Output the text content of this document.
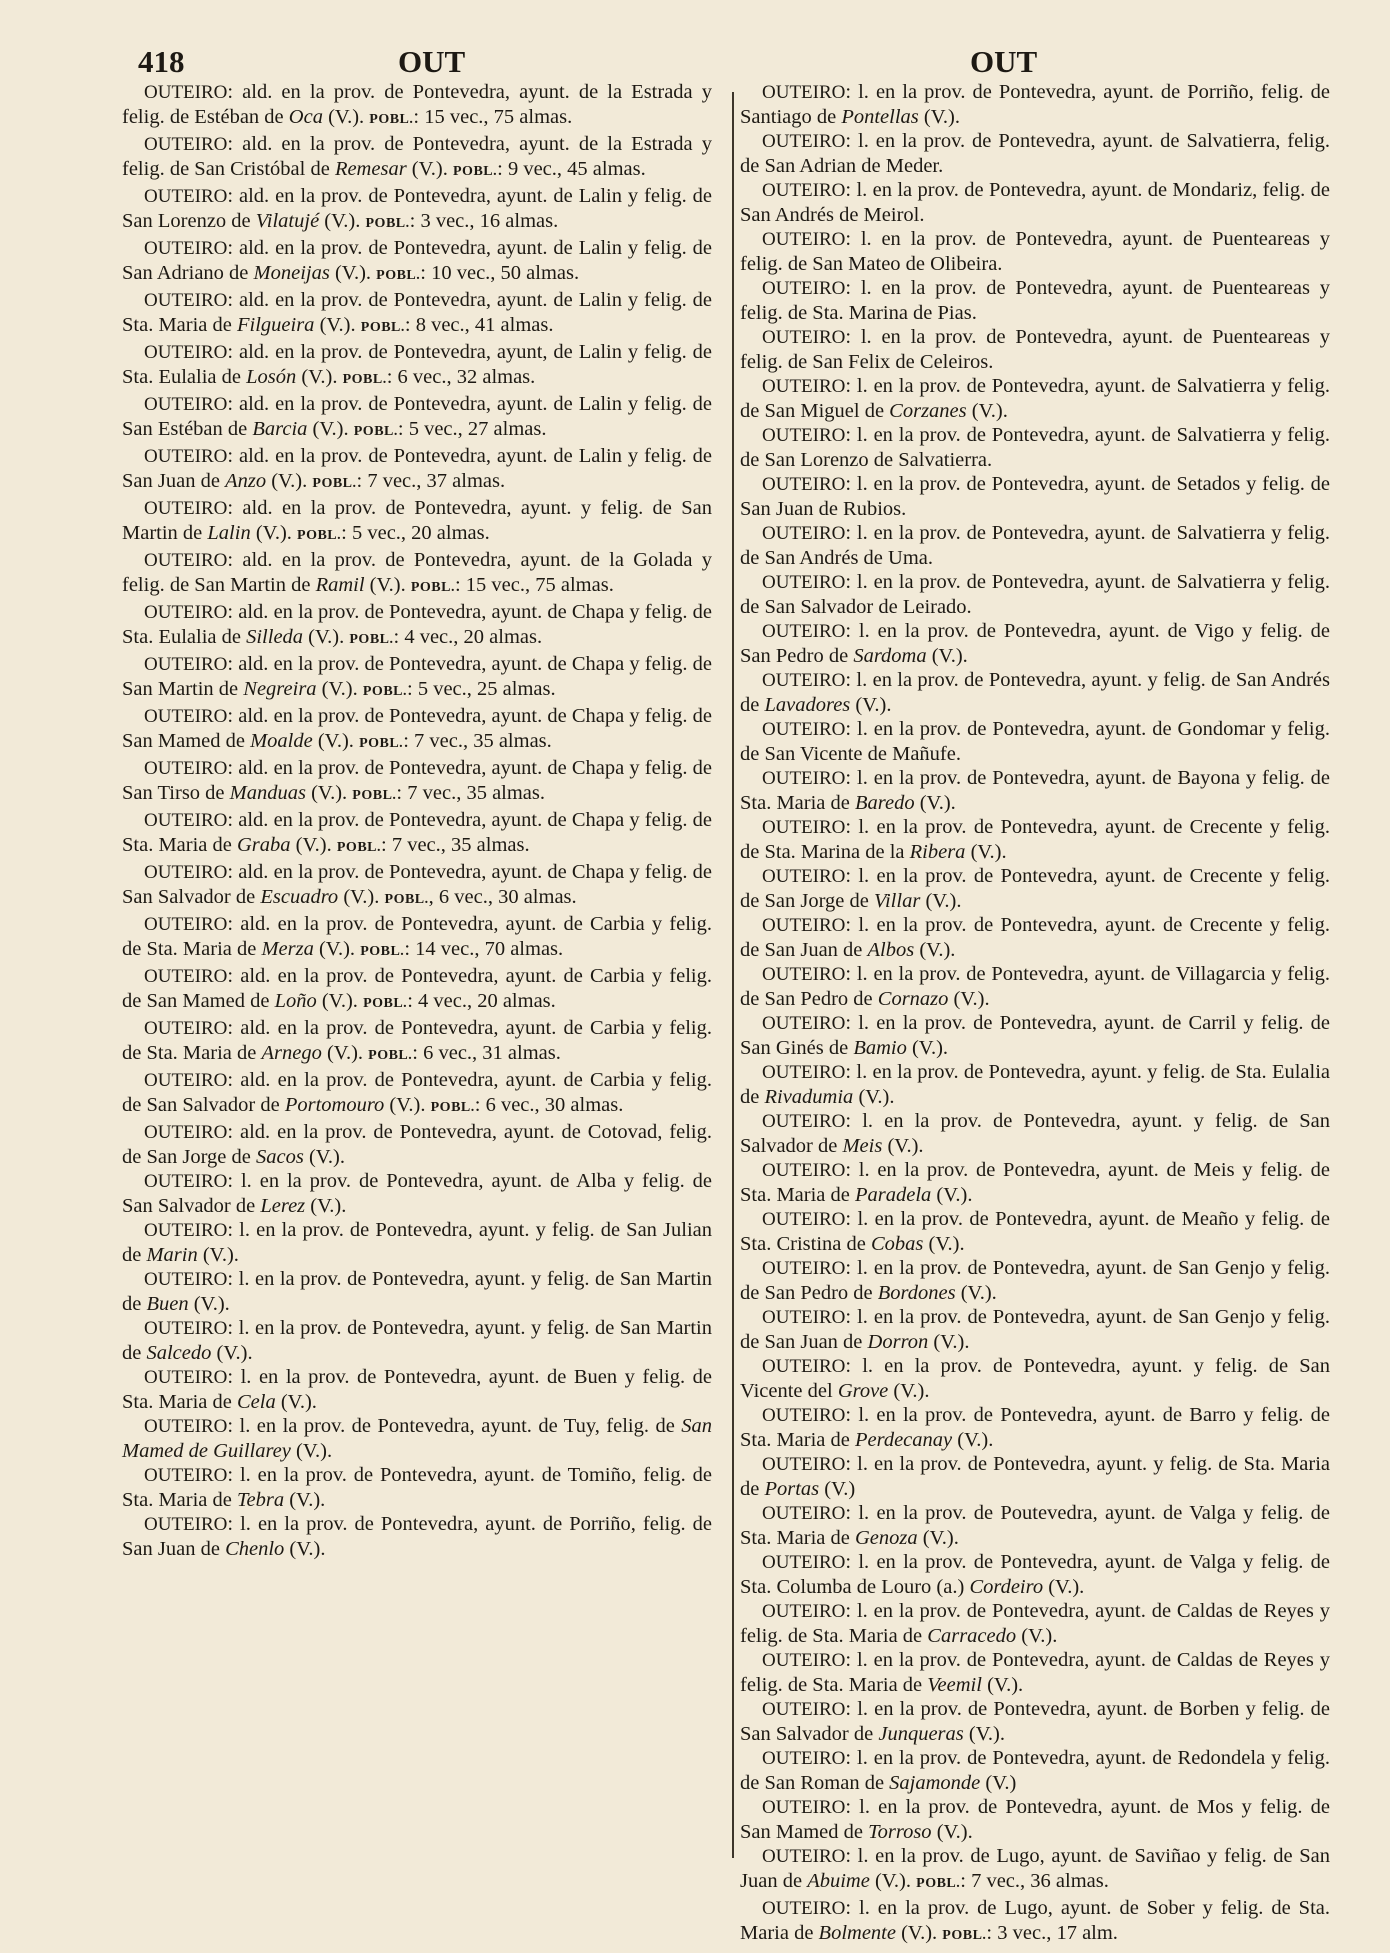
418	OUT	OUT

OUTEIRO: ald. en la prov. de Pontevedra, ayunt. de la Estrada y felig. de Estéban de Oca (V.). POBL.: 15 vec., 75 almas.

OUTEIRO: ald. en la prov. de Pontevedra, ayunt. de la Estrada y felig. de San Cristóbal de Remesar (V.). POBL.: 9 vec., 45 almas.

OUTEIRO: ald. en la prov. de Pontevedra, ayunt. de Lalin y felig. de San Lorenzo de Vilatujé (V.). POBL.: 3 vec., 16 almas.

OUTEIRO: ald. en la prov. de Pontevedra, ayunt. de Lalin y felig. de San Adriano de Moneijas (V.). POBL.: 10 vec., 50 almas.

OUTEIRO: ald. en la prov. de Pontevedra, ayunt. de Lalin y felig. de Sta. Maria de Filgueira (V.). POBL.: 8 vec., 41 almas.

OUTEIRO: ald. en la prov. de Pontevedra, ayunt, de Lalin y felig. de Sta. Eulalia de Losón (V.). POBL.: 6 vec., 32 almas.

OUTEIRO: ald. en la prov. de Pontevedra, ayunt. de Lalin y felig. de San Estéban de Barcia (V.). POBL.: 5 vec., 27 almas.

OUTEIRO: ald. en la prov. de Pontevedra, ayunt. de Lalin y felig. de San Juan de Anzo (V.). POBL.: 7 vec., 37 almas.

OUTEIRO: ald. en la prov. de Pontevedra, ayunt. y felig. de San Martin de Lalin (V.). POBL.: 5 vec., 20 almas.

OUTEIRO: ald. en la prov. de Pontevedra, ayunt. de la Golada y felig. de San Martin de Ramil (V.). POBL.: 15 vec., 75 almas.

OUTEIRO: ald. en la prov. de Pontevedra, ayunt. de Chapa y felig. de Sta. Eulalia de Silleda (V.). POBL.: 4 vec., 20 almas.

OUTEIRO: ald. en la prov. de Pontevedra, ayunt. de Chapa y felig. de San Martin de Negreira (V.). POBL.: 5 vec., 25 almas.

OUTEIRO: ald. en la prov. de Pontevedra, ayunt. de Chapa y felig. de San Mamed de Moalde (V.). POBL.: 7 vec., 35 almas.

OUTEIRO: ald. en la prov. de Pontevedra, ayunt. de Chapa y felig. de San Tirso de Manduas (V.). POBL.: 7 vec., 35 almas.

OUTEIRO: ald. en la prov. de Pontevedra, ayunt. de Chapa y felig. de Sta. Maria de Graba (V.). POBL.: 7 vec., 35 almas.

OUTEIRO: ald. en la prov. de Pontevedra, ayunt. de Chapa y felig. de San Salvador de Escuadro (V.). POBL., 6 vec., 30 almas.

OUTEIRO: ald. en la prov. de Pontevedra, ayunt. de Carbia y felig. de Sta. Maria de Merza (V.). POBL.: 14 vec., 70 almas.

OUTEIRO: ald. en la prov. de Pontevedra, ayunt. de Carbia y felig. de San Mamed de Loño (V.). POBL.: 4 vec., 20 almas.

OUTEIRO: ald. en la prov. de Pontevedra, ayunt. de Carbia y felig. de Sta. Maria de Arnego (V.). POBL.: 6 vec., 31 almas.

OUTEIRO: ald. en la prov. de Pontevedra, ayunt. de Carbia y felig. de San Salvador de Portomouro (V.). POBL.: 6 vec., 30 almas.

OUTEIRO: ald. en la prov. de Pontevedra, ayunt. de Cotovad, felig. de San Jorge de Sacos (V.).

OUTEIRO: l. en la prov. de Pontevedra, ayunt. de Alba y felig. de San Salvador de Lerez (V.).

OUTEIRO: l. en la prov. de Pontevedra, ayunt. y felig. de San Julian de Marin (V.).

OUTEIRO: l. en la prov. de Pontevedra, ayunt. y felig. de San Martin de Buen (V.).

OUTEIRO: l. en la prov. de Pontevedra, ayunt. y felig. de San Martin de Salcedo (V.).

OUTEIRO: l. en la prov. de Pontevedra, ayunt. de Buen y felig. de Sta. Maria de Cela (V.).

OUTEIRO: l. en la prov. de Pontevedra, ayunt. de Tuy, felig. de San Mamed de Guillarey (V.).

OUTEIRO: l. en la prov. de Pontevedra, ayunt. de Tomiño, felig. de Sta. Maria de Tebra (V.).

OUTEIRO: l. en la prov. de Pontevedra, ayunt. de Porriño, felig. de San Juan de Chenlo (V.).

OUTEIRO: l. en la prov. de Pontevedra, ayunt. de Porriño, felig. de Santiago de Pontellas (V.).

OUTEIRO: l. en la prov. de Pontevedra, ayunt. de Salvatierra, felig. de San Adrian de Meder.

OUTEIRO: l. en la prov. de Pontevedra, ayunt. de Mondariz, felig. de San Andrés de Meirol.

OUTEIRO: l. en la prov. de Pontevedra, ayunt. de Puenteareas y felig. de San Mateo de Olibeira.

OUTEIRO: l. en la prov. de Pontevedra, ayunt. de Puenteareas y felig. de Sta. Marina de Pias.

OUTEIRO: l. en la prov. de Pontevedra, ayunt. de Puenteareas y felig. de San Felix de Celeiros.

OUTEIRO: l. en la prov. de Pontevedra, ayunt. de Salvatierra y felig. de San Miguel de Corzanes (V.).

OUTEIRO: l. en la prov. de Pontevedra, ayunt. de Salvatierra y felig. de San Lorenzo de Salvatierra.

OUTEIRO: l. en la prov. de Pontevedra, ayunt. de Setados y felig. de San Juan de Rubios.

OUTEIRO: l. en la prov. de Pontevedra, ayunt. de Salvatierra y felig. de San Andrés de Uma.

OUTEIRO: l. en la prov. de Pontevedra, ayunt. de Salvatierra y felig. de San Salvador de Leirado.

OUTEIRO: l. en la prov. de Pontevedra, ayunt. de Vigo y felig. de San Pedro de Sardoma (V.).

OUTEIRO: l. en la prov. de Pontevedra, ayunt. y felig. de San Andrés de Lavadores (V.).

OUTEIRO: l. en la prov. de Pontevedra, ayunt. de Gondomar y felig. de San Vicente de Mañufe.

OUTEIRO: l. en la prov. de Pontevedra, ayunt. de Bayona y felig. de Sta. Maria de Baredo (V.).

OUTEIRO: l. en la prov. de Pontevedra, ayunt. de Crecente y felig. de Sta. Marina de la Ribera (V.).

OUTEIRO: l. en la prov. de Pontevedra, ayunt. de Crecente y felig. de San Jorge de Villar (V.).

OUTEIRO: l. en la prov. de Pontevedra, ayunt. de Crecente y felig. de San Juan de Albos (V.).

OUTEIRO: l. en la prov. de Pontevedra, ayunt. de Villagarcia y felig. de San Pedro de Cornazo (V.).

OUTEIRO: l. en la prov. de Pontevedra, ayunt. de Carril y felig. de San Ginés de Bamio (V.).

OUTEIRO: l. en la prov. de Pontevedra, ayunt. y felig. de Sta. Eulalia de Rivadumia (V.).

OUTEIRO: l. en la prov. de Pontevedra, ayunt. y felig. de San Salvador de Meis (V.).

OUTEIRO: l. en la prov. de Pontevedra, ayunt. de Meis y felig. de Sta. Maria de Paradela (V.).

OUTEIRO: l. en la prov. de Pontevedra, ayunt. de Meaño y felig. de Sta. Cristina de Cobas (V.).

OUTEIRO: l. en la prov. de Pontevedra, ayunt. de San Genjo y felig. de San Pedro de Bordones (V.).

OUTEIRO: l. en la prov. de Pontevedra, ayunt. de San Genjo y felig. de San Juan de Dorron (V.).

OUTEIRO: l. en la prov. de Pontevedra, ayunt. y felig. de San Vicente del Grove (V.).

OUTEIRO: l. en la prov. de Pontevedra, ayunt. de Barro y felig. de Sta. Maria de Perdecanay (V.).

OUTEIRO: l. en la prov. de Pontevedra, ayunt. y felig. de Sta. Maria de Portas (V.)

OUTEIRO: l. en la prov. de Poutevedra, ayunt. de Valga y felig. de Sta. Maria de Genoza (V.).

OUTEIRO: l. en la prov. de Pontevedra, ayunt. de Valga y felig. de Sta. Columba de Louro (a.) Cordeiro (V.).

OUTEIRO: l. en la prov. de Pontevedra, ayunt. de Caldas de Reyes y felig. de Sta. Maria de Carracedo (V.).

OUTEIRO: l. en la prov. de Pontevedra, ayunt. de Caldas de Reyes y felig. de Sta. Maria de Veemil (V.).

OUTEIRO: l. en la prov. de Pontevedra, ayunt. de Borben y felig. de San Salvador de Junqueras (V.).

OUTEIRO: l. en la prov. de Pontevedra, ayunt. de Redondela y felig. de San Roman de Sajamonde (V.)

OUTEIRO: l. en la prov. de Pontevedra, ayunt. de Mos y felig. de San Mamed de Torroso (V.).

OUTEIRO: l. en la prov. de Lugo, ayunt. de Saviñao y felig. de San Juan de Abuime (V.). POBL.: 7 vec., 36 almas.

OUTEIRO: l. en la prov. de Lugo, ayunt. de Sober y felig. de Sta. Maria de Bolmente (V.). POBL.: 3 vec., 17 alm.
